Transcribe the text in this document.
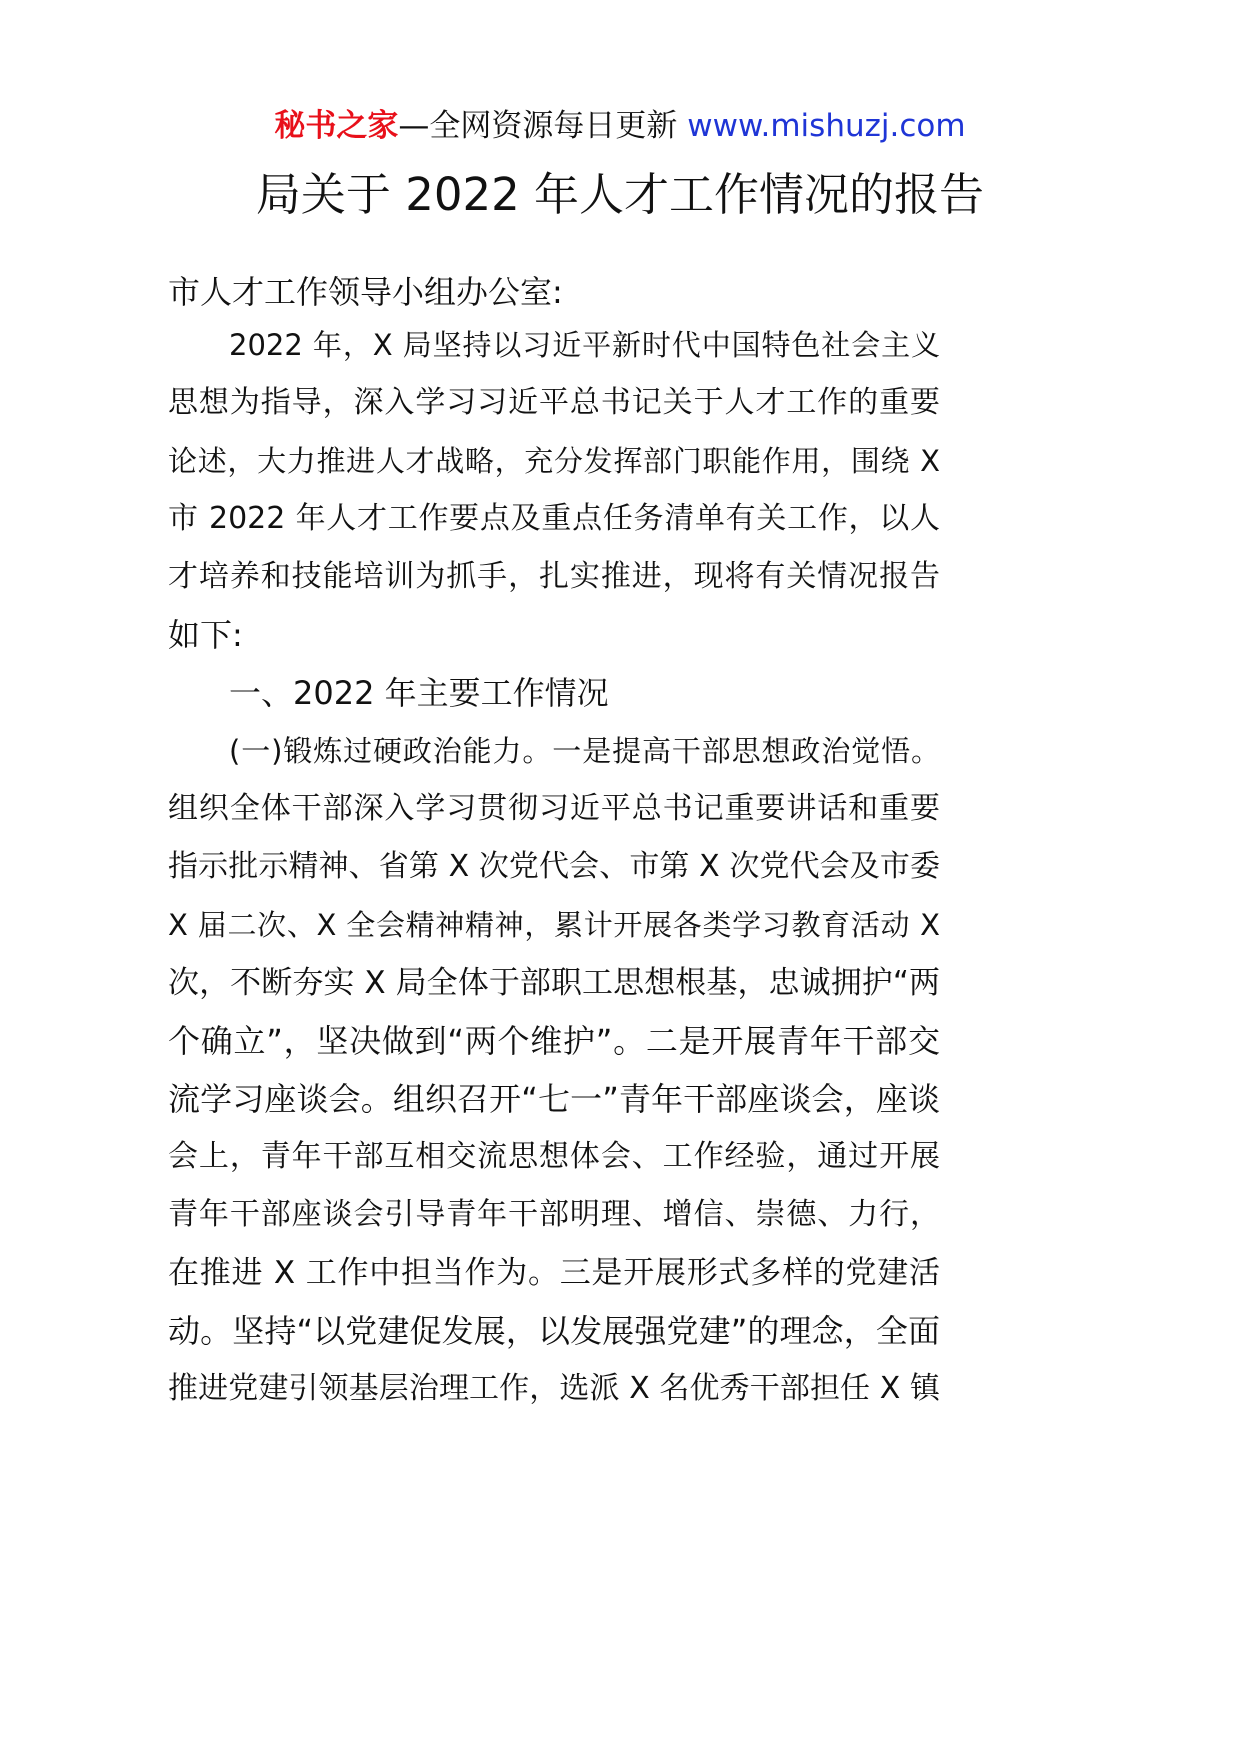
秘书之家—全网资源每日更新 www.mishuzj.com
局关于 2022 年人才工作情况的报告
市人才工作领导小组办公室:
2022 年，X 局坚持以习近平新时代中国特色社会主义
思想为指导，深入学习习近平总书记关于人才工作的重要
论述，大力推进人才战略，充分发挥部门职能作用，围绕 X
市 2022 年人才工作要点及重点任务清单有关工作，以人
才培养和技能培训为抓手，扎实推进，现将有关情况报告
如下:
一、2022 年主要工作情况
(一)锻炼过硬政治能力。一是提高干部思想政治觉悟。
组织全体干部深入学习贯彻习近平总书记重要讲话和重要
指示批示精神、省第 X 次党代会、市第 X 次党代会及市委
X 届二次、X 全会精神精神，累计开展各类学习教育活动 X
次，不断夯实 X 局全体于部职工思想根基，忠诚拥护“两
个确立”，坚决做到“两个维护”。二是开展青年干部交
流学习座谈会。组织召开“七一”青年干部座谈会，座谈
会上，青年干部互相交流思想体会、工作经验，通过开展
青年干部座谈会引导青年干部明理、增信、崇德、力行，
在推进 X 工作中担当作为。三是开展形式多样的党建活
动。坚持“以党建促发展，以发展强党建”的理念，全面
推进党建引领基层治理工作，选派 X 名优秀干部担任 X 镇
